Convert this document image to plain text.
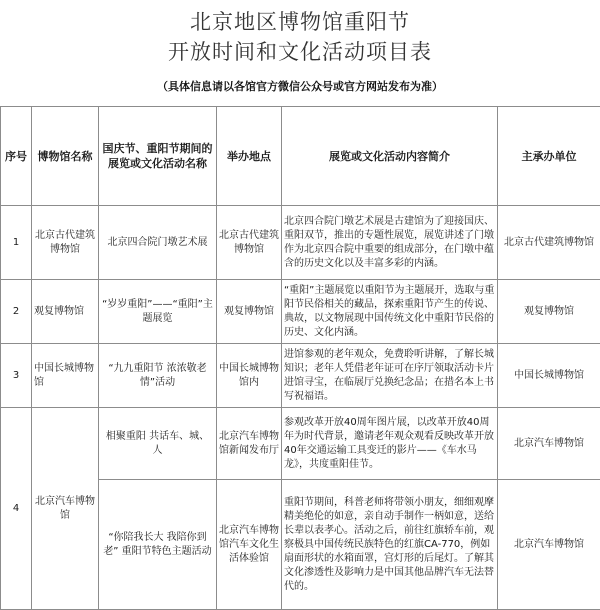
北京地区博物馆重阳节
开放时间和文化活动项目表
（具体信息请以各馆官方微信公众号或官方网站发布为准）
序号	博物馆名称	国庆节、重阳节期间的展览或文化活动名称	举办地点	展览或文化活动内容简介	主承办单位
1	北京古代建筑博物馆	北京四合院门墩艺术展	北京古代建筑博物馆	北京四合院门墩艺术展是古建馆为了迎接国庆、重阳双节，推出的专题性展览，展览讲述了门墩作为北京四合院中重要的组成部分，在门墩中蕴含的历史文化以及丰富多彩的内涵。	北京古代建筑博物馆
2	观复博物馆	“岁岁重阳”——“重阳”主题展览	观复博物馆	“重阳”主题展览以重阳节为主题展开，选取与重阳节民俗相关的藏品，探索重阳节产生的传说、典故，以文物展现中国传统文化中重阳节民俗的历史、文化内涵。	观复博物馆
3	中国长城博物馆	“九九重阳节 浓浓敬老情”活动	中国长城博物馆内	进馆参观的老年观众，免费聆听讲解，了解长城知识；老年人凭借老年证可在序厅领取活动卡片进馆寻宝，在临展厅兑换纪念品；在措名本上书写祝福语。	中国长城博物馆
4	北京汽车博物馆	相聚重阳 共话车、城、人	北京汽车博物馆新闻发布厅	参观改革开放40周年图片展，以改革开放40周年为时代背景，邀请老年观众观看反映改革开放40年交通运输工具变迁的影片——《车水马龙》，共度重阳佳节。	北京汽车博物馆
		“你陪我长大 我陪你到老” 重阳节特色主题活动	北京汽车博物馆汽车文化生活体验馆	重阳节期间，科普老师将带领小朋友，细细观摩精美绝伦的如意，亲自动手制作一柄如意，送给长辈以表孝心。活动之后，前往红旗轿车前，观察极具中国传统民族特色的红旗CA-770，例如扇面形状的水箱面罩，宫灯形的后尾灯。了解其文化渗透性及影响力是中国其他品牌汽车无法替代的。	北京汽车博物馆
